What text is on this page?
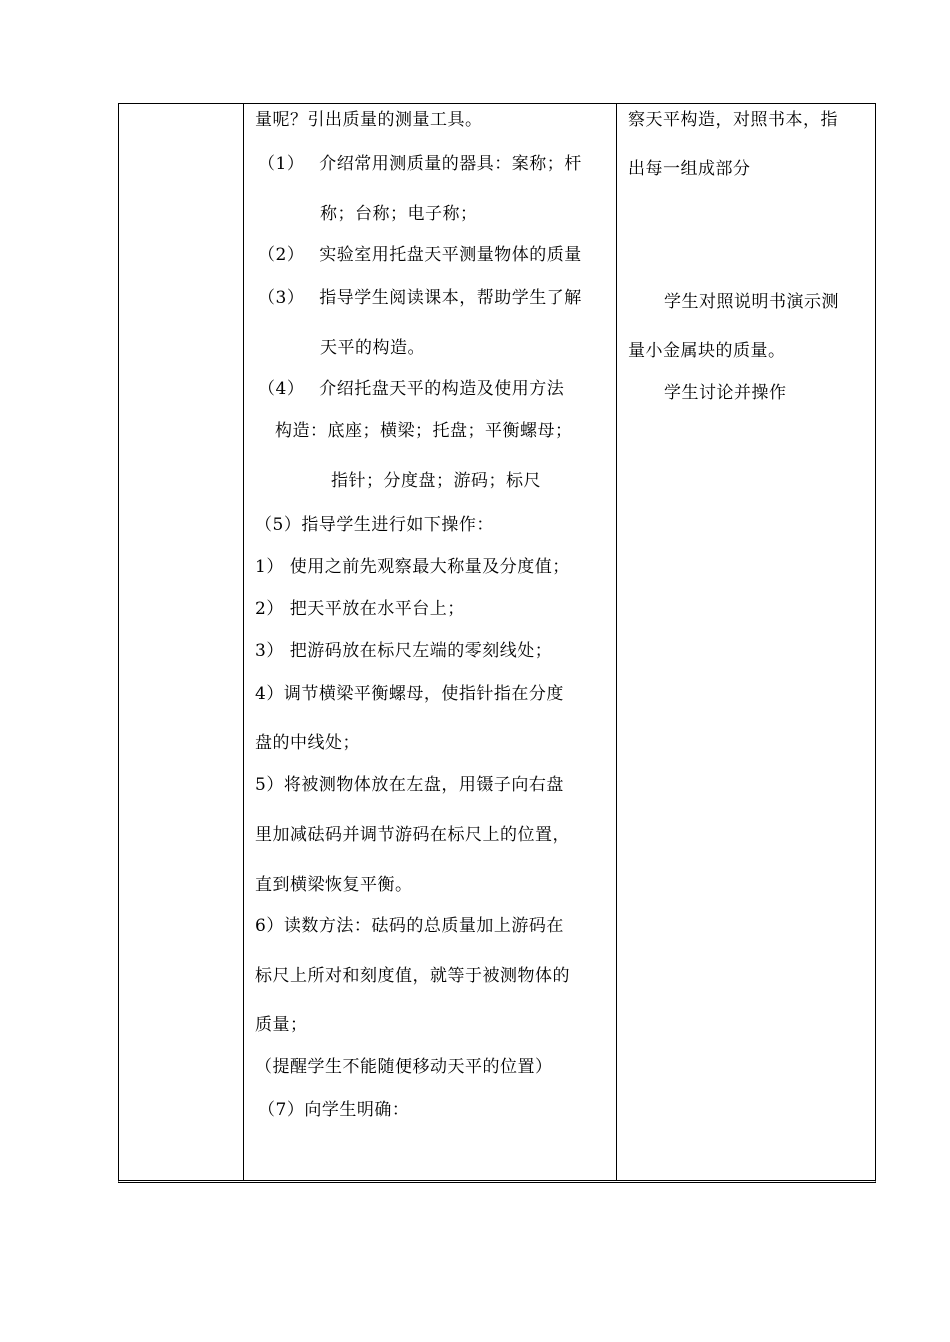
量呢？引出质量的测量工具。
（1）　 介绍常用测质量的器具：案称；杆
称；台称；电子称；
（2）　 实验室用托盘天平测量物体的质量
（3）　 指导学生阅读课本，帮助学生了解
天平的构造。
（4）　 介绍托盘天平的构造及使用方法
构造：底座；横梁；托盘；平衡螺母；
指针；分度盘；游码；标尺
（5）指导学生进行如下操作：
1） 使用之前先观察最大称量及分度值；
2） 把天平放在水平台上；
3） 把游码放在标尺左端的零刻线处；
4）调节横梁平衡螺母，使指针指在分度
盘的中线处；
5）将被测物体放在左盘，用镊子向右盘
里加减砝码并调节游码在标尺上的位置，
直到横梁恢复平衡。
6）读数方法：砝码的总质量加上游码在
标尺上所对和刻度值，就等于被测物体的
质量；
（提醒学生不能随便移动天平的位置）
（7）向学生明确：
察天平构造，对照书本，指
出每一组成部分
学生对照说明书演示测
量小金属块的质量。
学生讨论并操作
